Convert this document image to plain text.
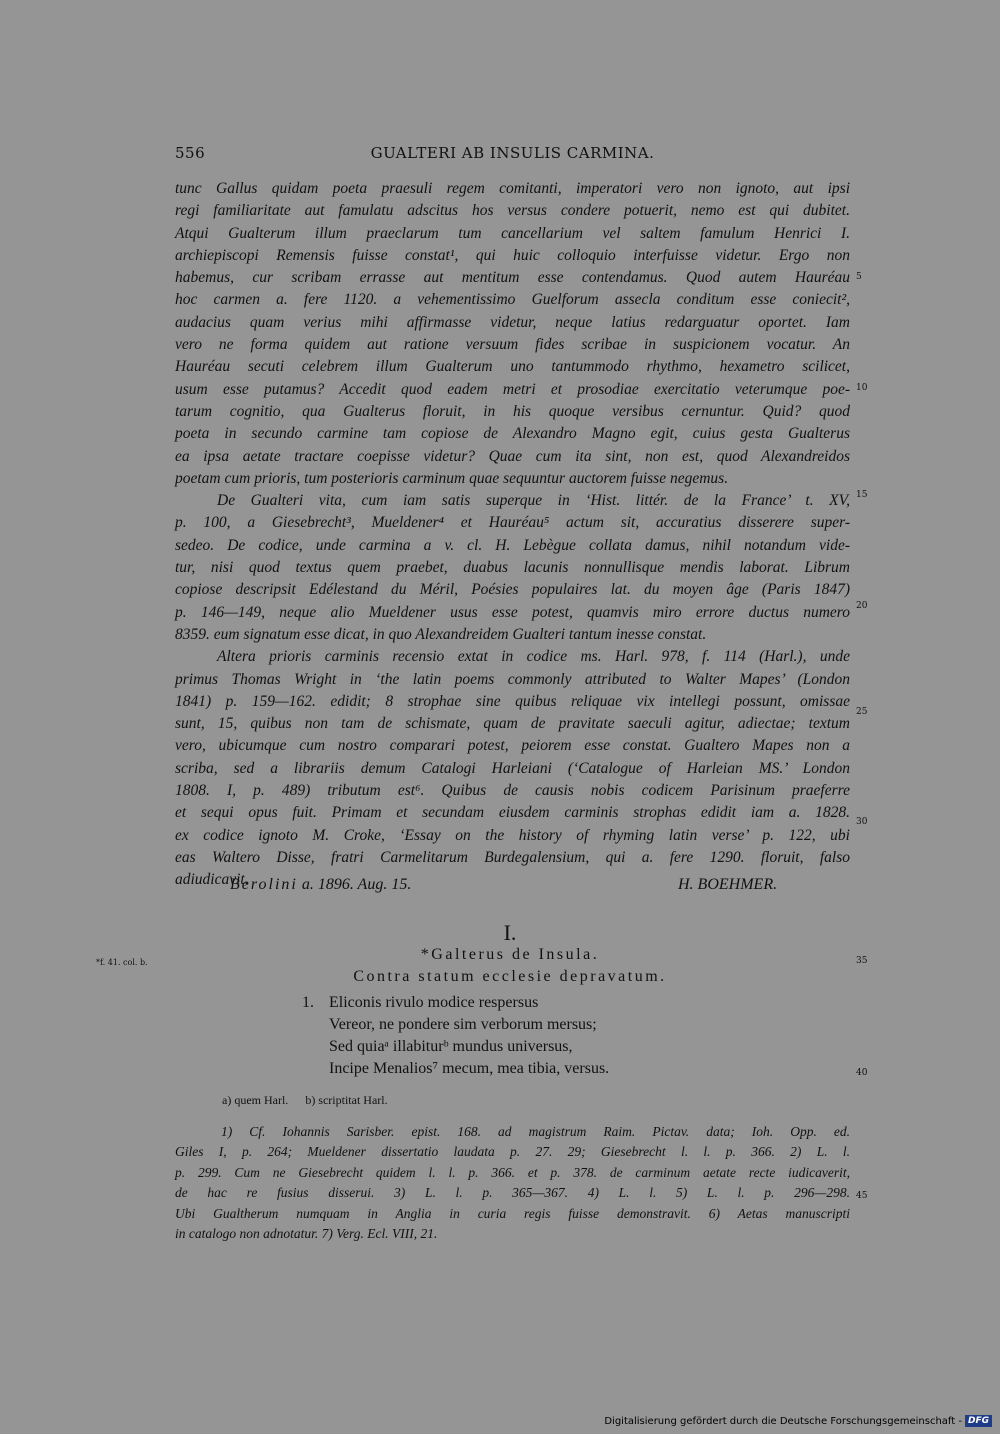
556	GUALTERI AB INSULIS CARMINA.
tunc Gallus quidam poeta praesuli regem comitanti, imperatori vero non ignoto, aut ipsi
regi familiaritate aut famulatu adscitus hos versus condere potuerit, nemo est qui dubitet.
Atqui Gualterum illum praeclarum tum cancellarium vel saltem famulum Henrici I.
archiepiscopi Remensis fuisse constat¹, qui huic colloquio interfuisse videtur. Ergo non
habemus, cur scribam errasse aut mentitum esse contendamus. Quod autem Hauréau
hoc carmen a. fere 1120. a vehementissimo Guelforum assecla conditum esse coniecit²,
audacius quam verius mihi affirmasse videtur, neque latius redarguatur oportet. Iam
vero ne forma quidem aut ratione versuum fides scribae in suspicionem vocatur. An
Hauréau secuti celebrem illum Gualterum uno tantummodo rhythmo, hexametro scilicet,
usum esse putamus? Accedit quod eadem metri et prosodiae exercitatio veterumque poe-
tarum cognitio, qua Gualterus floruit, in his quoque versibus cernuntur. Quid? quod
poeta in secundo carmine tam copiose de Alexandro Magno egit, cuius gesta Gualterus
ea ipsa aetate tractare coepisse videtur? Quae cum ita sint, non est, quod Alexandreidos
poetam cum prioris, tum posterioris carminum quae sequuntur auctorem fuisse negemus.
De Gualteri vita, cum iam satis superque in ‘Hist. littér. de la France’ t. XV,
p. 100, a Giesebrecht³, Mueldener⁴ et Hauréau⁵ actum sit, accuratius disserere super-
sedeo. De codice, unde carmina a v. cl. H. Lebègue collata damus, nihil notandum vide-
tur, nisi quod textus quem praebet, duabus lacunis nonnullisque mendis laborat. Librum
copiose descripsit Edélestand du Méril, Poésies populaires lat. du moyen âge (Paris 1847)
p. 146—149, neque alio Mueldener usus esse potest, quamvis miro errore ductus numero
8359. eum signatum esse dicat, in quo Alexandreidem Gualteri tantum inesse constat.
Altera prioris carminis recensio extat in codice ms. Harl. 978, f. 114 (Harl.), unde
primus Thomas Wright in ‘the latin poems commonly attributed to Walter Mapes’ (London
1841) p. 159—162. edidit; 8 strophae sine quibus reliquae vix intellegi possunt, omissae
sunt, 15, quibus non tam de schismate, quam de pravitate saeculi agitur, adiectae; textum
vero, ubicumque cum nostro comparari potest, peiorem esse constat. Gualtero Mapes non a
scriba, sed a librariis demum Catalogi Harleiani (‘Catalogue of Harleian MS.’ London
1808. I, p. 489) tributum est⁶. Quibus de causis nobis codicem Parisinum praeferre
et sequi opus fuit. Primam et secundam eiusdem carminis strophas edidit iam a. 1828.
ex codice ignoto M. Croke, ‘Essay on the history of rhyming latin verse’ p. 122, ubi
eas Waltero Disse, fratri Carmelitarum Burdegalensium, qui a. fere 1290. floruit, falso
adiudicavit.
5
10
15
20
25
30
35
40
45
Berolini a. 1896. Aug. 15.	H. BOEHMER.
I.
*f. 41. col. b.	*Galterus de Insula.
Contra statum ecclesie depravatum.
1. Eliconis rivulo modice respersus
Vereor, ne pondere sim verborum mersus;
Sed quiaᵃ illabiturᵇ mundus universus,
Incipe Menalios⁷ mecum, mea tibia, versus.
a) quem Harl. b) scriptitat Harl.
1) Cf. Iohannis Sarisber. epist. 168. ad magistrum Raim. Pictav. data; Ioh. Opp. ed.
Giles I, p. 264; Mueldener dissertatio laudata p. 27. 29; Giesebrecht l. l. p. 366. 2) L. l.
p. 299. Cum ne Giesebrecht quidem l. l. p. 366. et p. 378. de carminum aetate recte iudicaverit,
de hac re fusius disserui. 3) L. l. p. 365—367. 4) L. l. 5) L. l. p. 296—298.
Ubi Gualtherum numquam in Anglia in curia regis fuisse demonstravit. 6) Aetas manuscripti
in catalogo non adnotatur. 7) Verg. Ecl. VIII, 21.
Digitalisierung gefördert durch die Deutsche Forschungsgemeinschaft - DFG
